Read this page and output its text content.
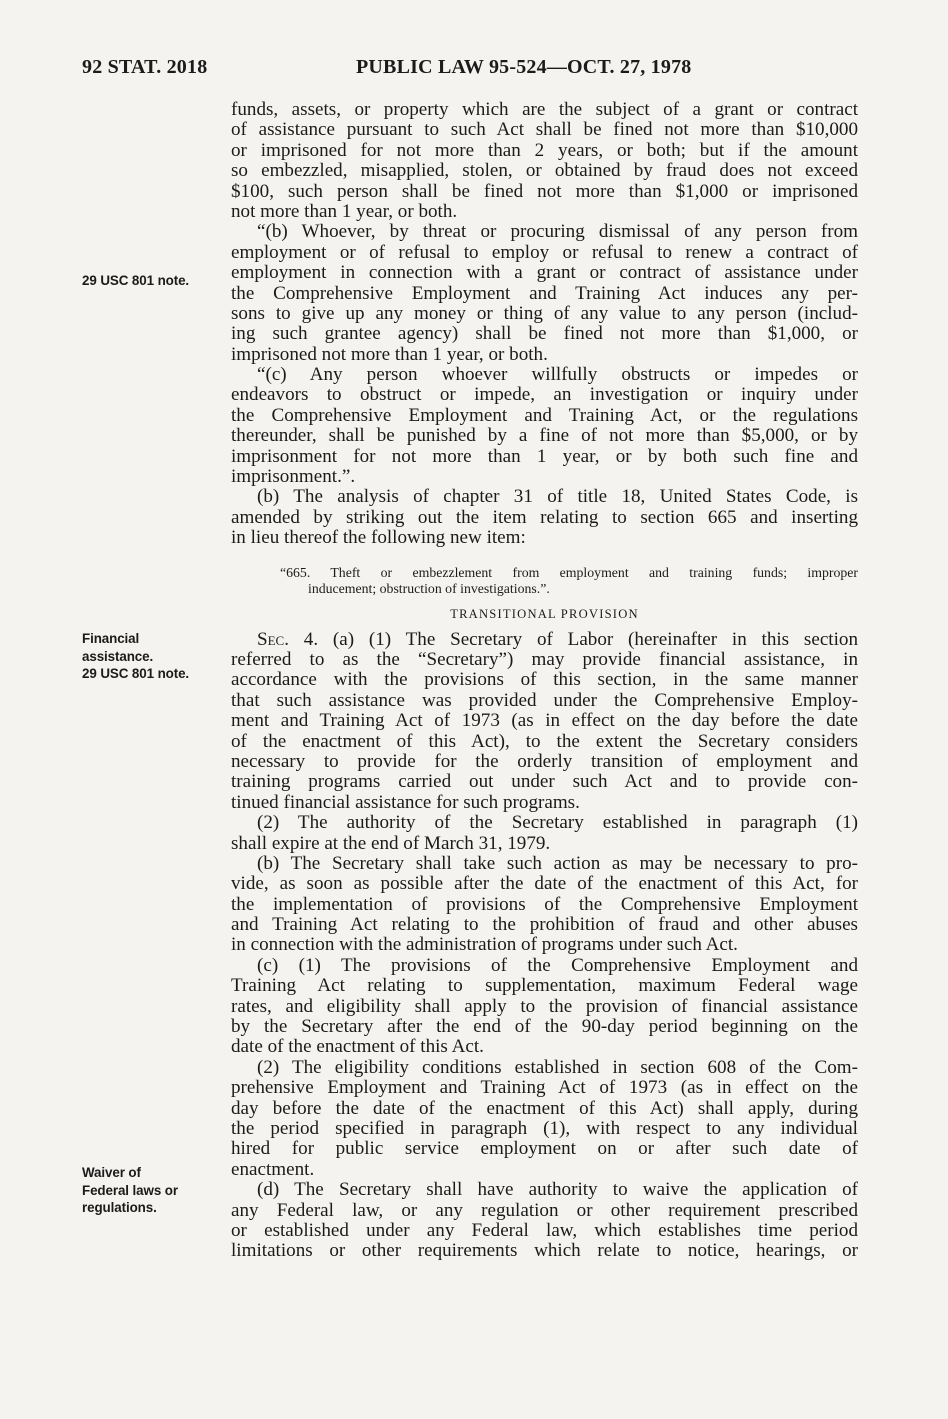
92 STAT. 2018	PUBLIC LAW 95-524—OCT. 27, 1978

29 USC 801 note.
Financial
assistance.
29 USC 801 note.
Waiver of
Federal laws or
regulations.
funds, assets, or property which are the subject of a grant or contract
of assistance pursuant to such Act shall be fined not more than $10,000
or imprisoned for not more than 2 years, or both; but if the amount
so embezzled, misapplied, stolen, or obtained by fraud does not exceed
$100, such person shall be fined not more than $1,000 or imprisoned
not more than 1 year, or both.
“(b) Whoever, by threat or procuring dismissal of any person from
employment or of refusal to employ or refusal to renew a contract of
employment in connection with a grant or contract of assistance under
the Comprehensive Employment and Training Act induces any per-
sons to give up any money or thing of any value to any person (includ-
ing such grantee agency) shall be fined not more than $1,000, or
imprisoned not more than 1 year, or both.
“(c) Any person whoever willfully obstructs or impedes or
endeavors to obstruct or impede, an investigation or inquiry under
the Comprehensive Employment and Training Act, or the regulations
thereunder, shall be punished by a fine of not more than $5,000, or by
imprisonment for not more than 1 year, or by both such fine and
imprisonment.”.
(b) The analysis of chapter 31 of title 18, United States Code, is
amended by striking out the item relating to section 665 and inserting
in lieu thereof the following new item:
“665. Theft or embezzlement from employment and training funds; improper
inducement; obstruction of investigations.”.
TRANSITIONAL PROVISION
Sec. 4. (a) (1) The Secretary of Labor (hereinafter in this section
referred to as the “Secretary”) may provide financial assistance, in
accordance with the provisions of this section, in the same manner
that such assistance was provided under the Comprehensive Employ-
ment and Training Act of 1973 (as in effect on the day before the date
of the enactment of this Act), to the extent the Secretary considers
necessary to provide for the orderly transition of employment and
training programs carried out under such Act and to provide con-
tinued financial assistance for such programs.
(2) The authority of the Secretary established in paragraph (1)
shall expire at the end of March 31, 1979.
(b) The Secretary shall take such action as may be necessary to pro-
vide, as soon as possible after the date of the enactment of this Act, for
the implementation of provisions of the Comprehensive Employment
and Training Act relating to the prohibition of fraud and other abuses
in connection with the administration of programs under such Act.
(c) (1) The provisions of the Comprehensive Employment and
Training Act relating to supplementation, maximum Federal wage
rates, and eligibility shall apply to the provision of financial assistance
by the Secretary after the end of the 90-day period beginning on the
date of the enactment of this Act.
(2) The eligibility conditions established in section 608 of the Com-
prehensive Employment and Training Act of 1973 (as in effect on the
day before the date of the enactment of this Act) shall apply, during
the period specified in paragraph (1), with respect to any individual
hired for public service employment on or after such date of
enactment.
(d) The Secretary shall have authority to waive the application of
any Federal law, or any regulation or other requirement prescribed
or established under any Federal law, which establishes time period
limitations or other requirements which relate to notice, hearings, or
